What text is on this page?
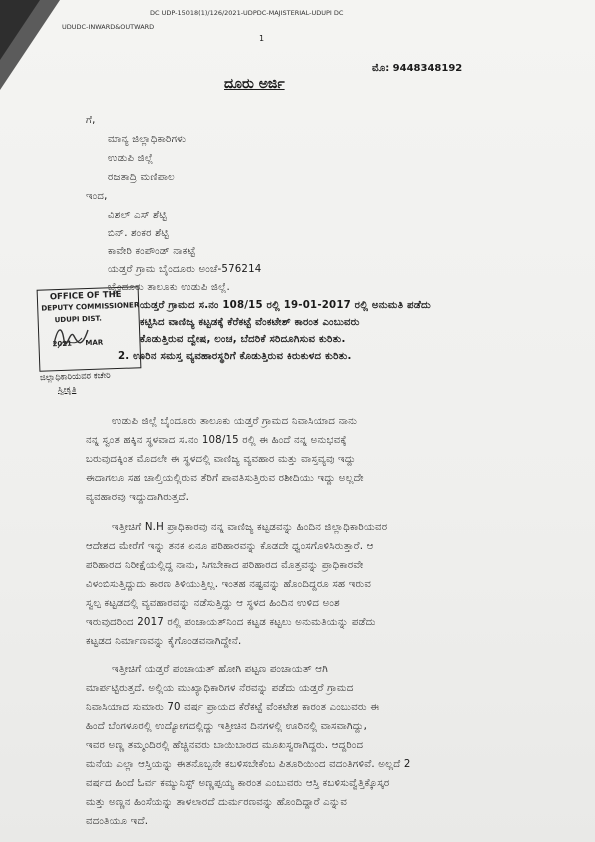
DC UDP-15018(1)/126/2021-UDPDC-MAJISTERIAL-UDUPI DC
UDUDC-INWARD&OUTWARD
1
ಮೊ: 9448348192
ದೂರು ಅರ್ಜಿ
ಗೆ,
ಮಾನ್ಯ ಜಿಲ್ಲಾಧಿಕಾರಿಗಳು
ಉಡುಪಿ ಜಿಲ್ಲೆ
ರಜತಾದ್ರಿ ಮಣಿಪಾಲ
ಇಂದ,
ವಿಶಲ್ ಎಸ್ ಶೆಟ್ಟಿ
ಬಿನ್. ಶಂಕರ ಶೆಟ್ಟಿ
ಕಾವೇರಿ ಕಂಪೌಂಡ್ ನಾಕಟ್ಟೆ
ಯಡ್ತರೆ ಗ್ರಾಮ ಬೈಂದೂರು ಅಂಚೆ-576214
ಬೈಂದೂರು ತಾಲೂಕು ಉಡುಪಿ ಜಿಲ್ಲೆ.
ಯಡ್ತರೆ ಗ್ರಾಮದ ಸ.ನಂ 108/15 ರಲ್ಲಿ 19-01-2017 ರಲ್ಲಿ ಅನುಮತಿ ಪಡೆದು
ಕಟ್ಟಿಸಿದ ವಾಣಿಜ್ಯ ಕಟ್ಟಡಕ್ಕೆ ಕೆರೆಕಟ್ಟೆ ವೆಂಕಟೇಶ್ ಕಾರಂತ ಎಂಬುವರು
ಕೊಡುತ್ತಿರುವ ದ್ವೇಷ, ಲಂಚ, ಬೆದರಿಕೆ ಸರಿದೂಗಿಸುವ ಕುರಿತು.
2. ಊರಿನ ಸಮಸ್ತ ವ್ಯವಹಾರಸ್ಥರಿಗೆ ಕೊಡುತ್ತಿರುವ ಕಿರುಕುಳದ ಕುರಿತು.
OFFICE OF THE
DEPUTY COMMISSIONER
UDUPI DIST.
MAR
2021
ಜಿಲ್ಲಾಧಿಕಾರಿಯವರ ಕಚೇರಿ
ಸ್ವೀಕೃತಿ
ಉಡುಪಿ ಜಿಲ್ಲೆ ಬೈಂದೂರು ತಾಲೂಕು ಯಡ್ತರೆ ಗ್ರಾಮದ ನಿವಾಸಿಯಾದ ನಾನು
ನನ್ನ ಸ್ವಂತ ಹಕ್ಕಿನ ಸ್ಥಳವಾದ ಸ.ನಂ 108/15 ರಲ್ಲಿ ಈ ಹಿಂದೆ ನನ್ನ ಅನುಭವಕ್ಕೆ
ಬರುವುದಕ್ಕಿಂತ ಮೊದಲೇ ಈ ಸ್ಥಳದಲ್ಲಿ ವಾಣಿಜ್ಯ ವ್ಯವಹಾರ ಮತ್ತು ವಾಸ್ತವ್ಯವು ಇದ್ದು
ಈದಾಗಲೂ ಸಹ ಚಾಲ್ತಿಯಲ್ಲಿರುವ ತೆರಿಗೆ ಪಾವತಿಸುತ್ತಿರುವ ರಶೀದಿಯು ಇದ್ದು ಅಲ್ಲದೇ
ವ್ಯವಹಾರವು ಇದ್ದುದಾಗಿರುತ್ತದೆ.
ಇತ್ತೀಚಿಗೆ N.H ಪ್ರಾಧಿಕಾರವು ನನ್ನ ವಾಣಿಜ್ಯ ಕಟ್ಟಡವನ್ನು ಹಿಂದಿನ ಜಿಲ್ಲಾಧಿಕಾರಿಯವರ
ಆದೇಶದ ಮೇರೆಗೆ ಇನ್ನು ತನಕ ಏನೂ ಪರಿಹಾರವನ್ನು ಕೊಡದೇ ಧ್ವಂಸಗೊಳಿಸಿರುತ್ತಾರೆ. ಆ
ಪರಿಹಾರದ ನಿರೀಕ್ಷೆಯಲ್ಲಿದ್ದ ನಾನು, ಸಿಗಬೇಕಾದ ಪರಿಹಾರದ ಮೊತ್ತವನ್ನು ಪ್ರಾಧಿಕಾರವೇ
ವಿಳಂಬಿಸುತ್ತಿದ್ದುದು ಕಾರಣ ತಿಳಿಯುತ್ತಿಲ್ಲ. ಇಂತಹ ನಷ್ಟವನ್ನು ಹೊಂದಿದ್ದರೂ ಸಹ ಇರುವ
ಸ್ವಲ್ಪ ಕಟ್ಟಡದಲ್ಲಿ ವ್ಯವಹಾರವನ್ನು ನಡೆಸುತ್ತಿದ್ದು ಆ ಸ್ಥಳದ ಹಿಂದಿನ ಉಳಿದ ಅಂಶ
ಇರುವುದರಿಂದ 2017 ರಲ್ಲಿ ಪಂಚಾಯತ್‌ನಿಂದ ಕಟ್ಟಡ ಕಟ್ಟಲು ಅನುಮತಿಯನ್ನು ಪಡೆದು
ಕಟ್ಟಡದ ನಿರ್ಮಾಣವನ್ನು ಕೈಗೊಂಡವನಾಗಿದ್ದೇನೆ.
ಇತ್ತೀಚಿಗೆ ಯಡ್ತರೆ ಪಂಚಾಯತ್ ಹೋಗಿ ಪಟ್ಟಣ ಪಂಚಾಯತ್ ಆಗಿ
ಮಾರ್ಪಟ್ಟಿರುತ್ತದೆ. ಅಲ್ಲಿಯ ಮುಖ್ಯಾಧಿಕಾರಿಗಳ ನೆರವನ್ನು ಪಡೆದು ಯಡ್ತರೆ ಗ್ರಾಮದ
ನಿವಾಸಿಯಾದ ಸುಮಾರು 70 ವರ್ಷ ಪ್ರಾಯದ ಕೆರೆಕಟ್ಟೆ ವೆಂಕಟೇಶ ಕಾರಂತ ಎಂಬುವರು ಈ
ಹಿಂದೆ ಬೆಂಗಳೂರಲ್ಲಿ ಉದ್ಯೋಗದಲ್ಲಿದ್ದು ಇತ್ತೀಚಿನ ದಿನಗಳಲ್ಲಿ ಊರಿನಲ್ಲಿ ವಾಸವಾಗಿದ್ದು,
ಇವರ ಅಣ್ಣ ತಮ್ಮಂದಿರಲ್ಲಿ ಹೆಚ್ಚಿನವರು ಬಾಯಿಬಾರದ ಮೂಖಸ್ವರಾಗಿದ್ದರು. ಆದ್ದರಿಂದ
ಮನೆಯ ಎಲ್ಲಾ ಆಸ್ತಿಯನ್ನು ಈತನೊಬ್ಬನೇ ಕಬಳಿಸಬೇಕೆಂಬ ಪಿತೂರಿಯಿಂದ ವದಂತಿಗಳಿವೆ. ಅಲ್ಲದೆ 2
ವರ್ಷದ ಹಿಂದೆ ಓರ್ವ ಕಮ್ಯುನಿಸ್ಟ್ ಅಣ್ಣಪ್ಪಯ್ಯ ಕಾರಂತ ಎಂಬುವರು ಆಸ್ತಿ ಕಬಳಿಸುವ್ವೆತ್ತಿಕ್ಕೊಸ್ಕರ
ಮತ್ತು ಅಣ್ಣನ ಹಿಂಸೆಯನ್ನು ತಾಳಲಾರದೆ ದುರ್ಮರಣವನ್ನು ಹೊಂದಿದ್ದಾರೆ ಎನ್ನುವ
ವದಂತಿಯೂ ಇದೆ.
